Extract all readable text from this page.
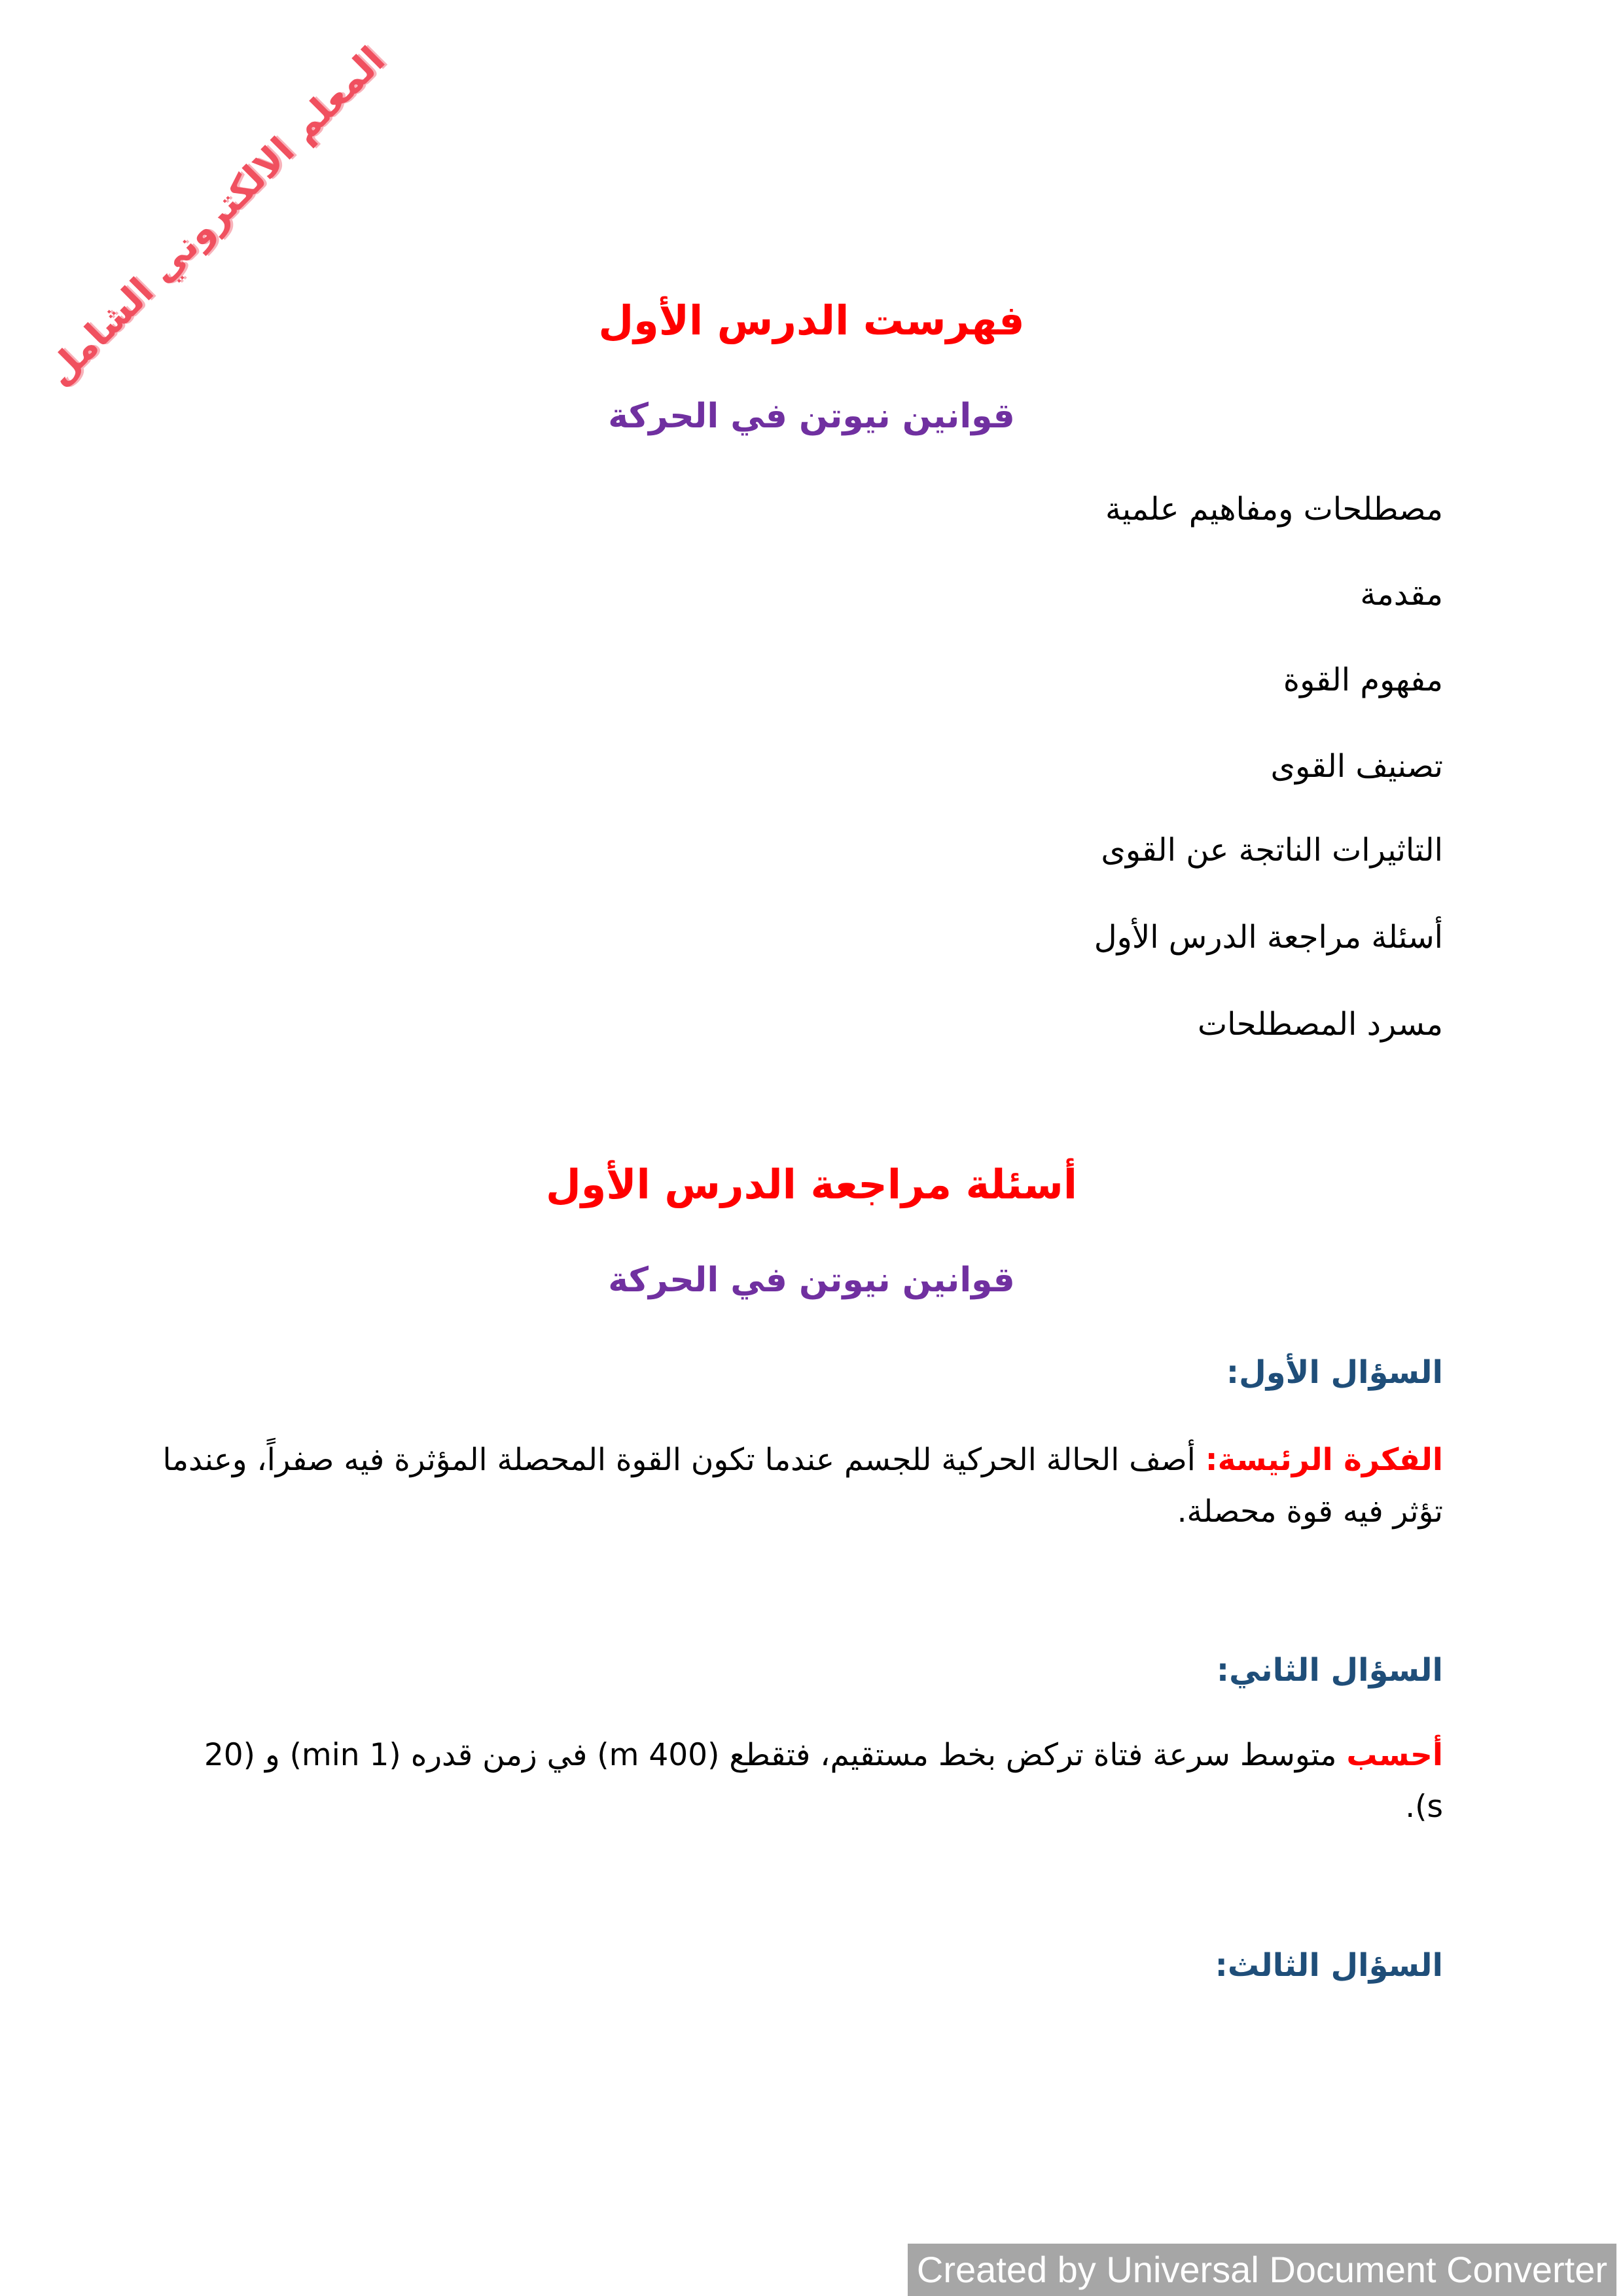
المعلم الالكتروني الشامل	فهرست الدرس الأول
قوانين نيوتن في الحركة
مصطلحات ومفاهيم علمية
مقدمة
مفهوم القوة
تصنيف القوى
التاثيرات الناتجة عن القوى
أسئلة مراجعة الدرس الأول
مسرد المصطلحات
أسئلة مراجعة الدرس الأول
قوانين نيوتن في الحركة
السؤال الأول:
الفكرة الرئيسة: أصف الحالة الحركية للجسم عندما تكون القوة المحصلة المؤثرة فيه صفراً، وعندما تؤثر فيه قوة محصلة.
السؤال الثاني:
أحسب متوسط سرعة فتاة تركض بخط مستقيم، فتقطع (400 m) في زمن قدره (1 min) و (20 s).
السؤال الثالث:
Created by Universal Document Converter
